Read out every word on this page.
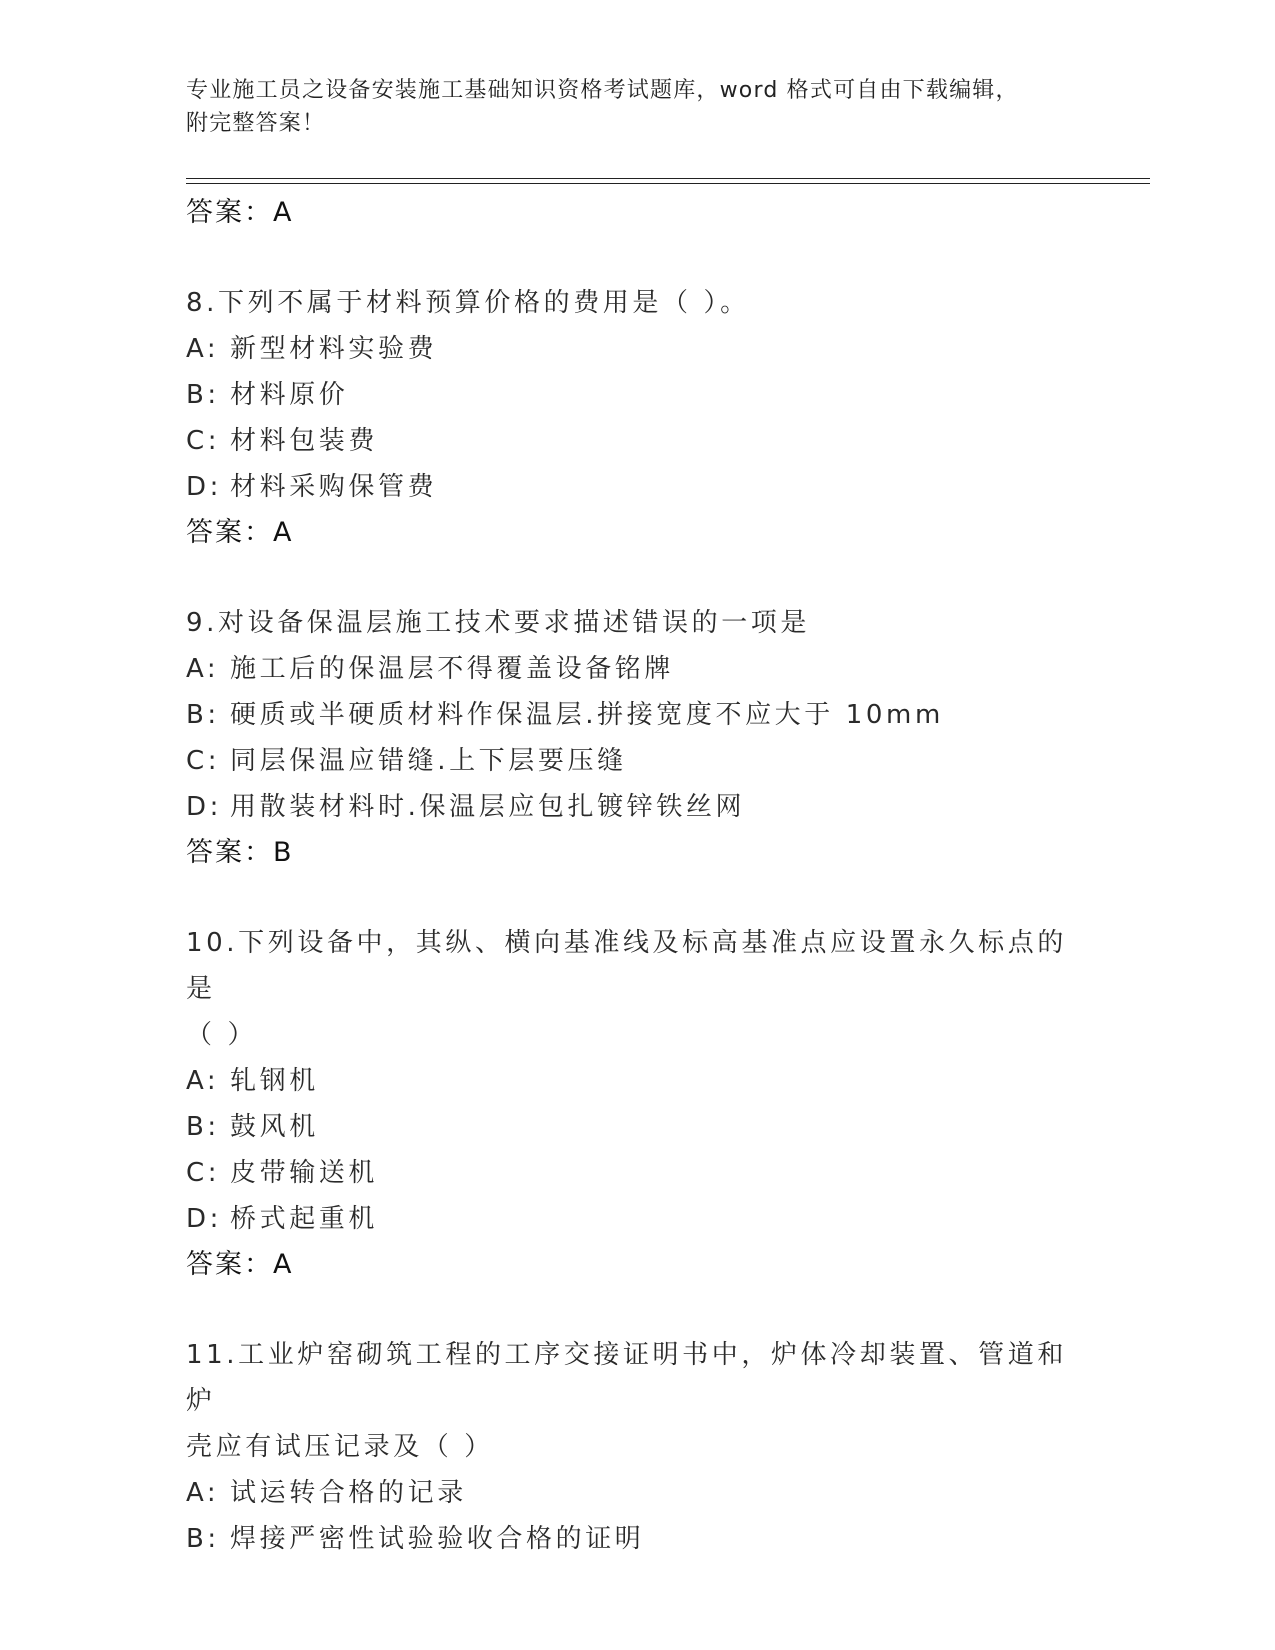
专业施工员之设备安装施工基础知识资格考试题库，word 格式可自由下载编辑，
附完整答案！
答案：A
8.下列不属于材料预算价格的费用是（ ）。
A: 新型材料实验费
B: 材料原价
C: 材料包装费
D: 材料采购保管费
答案：A
9.对设备保温层施工技术要求描述错误的一项是
A: 施工后的保温层不得覆盖设备铭牌
B: 硬质或半硬质材料作保温层.拼接宽度不应大于 10mm
C: 同层保温应错缝.上下层要压缝
D: 用散装材料时.保温层应包扎镀锌铁丝网
答案：B
10.下列设备中，其纵、横向基准线及标高基准点应设置永久标点的是
（ ）
A: 轧钢机
B: 鼓风机
C: 皮带输送机
D: 桥式起重机
答案：A
11.工业炉窑砌筑工程的工序交接证明书中，炉体冷却装置、管道和炉
壳应有试压记录及（ ）
A: 试运转合格的记录
B: 焊接严密性试验验收合格的证明
